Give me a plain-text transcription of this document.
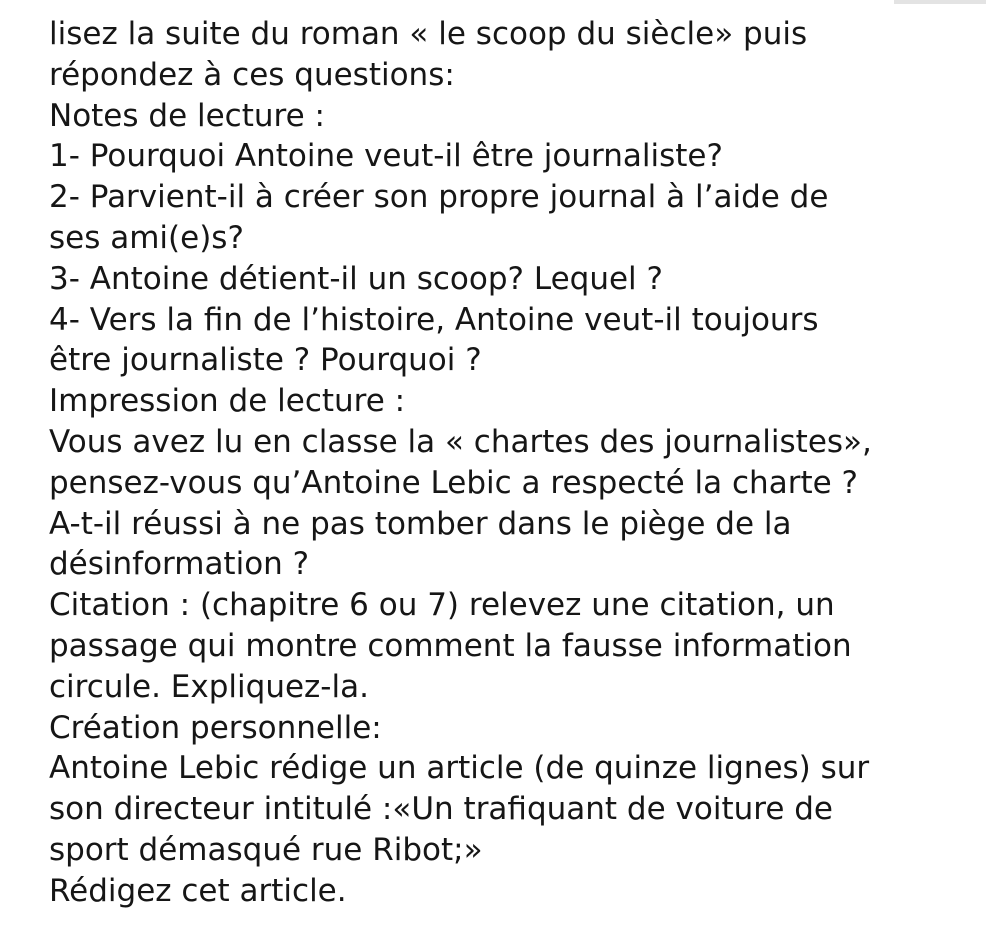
lisez la suite du roman « le scoop du siècle» puis
répondez à ces questions:
Notes de lecture :
1- Pourquoi Antoine veut-il être journaliste?
2- Parvient-il à créer son propre journal à l’aide de
ses ami(e)s?
3- Antoine détient-il un scoop? Lequel ?
4- Vers la fin de l’histoire, Antoine veut-il toujours
être journaliste ? Pourquoi ?
Impression de lecture :
Vous avez lu en classe la « chartes des journalistes»,
pensez-vous qu’Antoine Lebic a respecté la charte ?
A-t-il réussi à ne pas tomber dans le piège de la
désinformation ?
Citation : (chapitre 6 ou 7) relevez une citation, un
passage qui montre comment la fausse information
circule. Expliquez-la.
Création personnelle:
Antoine Lebic rédige un article (de quinze lignes) sur
son directeur intitulé :«Un trafiquant de voiture de
sport démasqué rue Ribot;»
Rédigez cet article.
